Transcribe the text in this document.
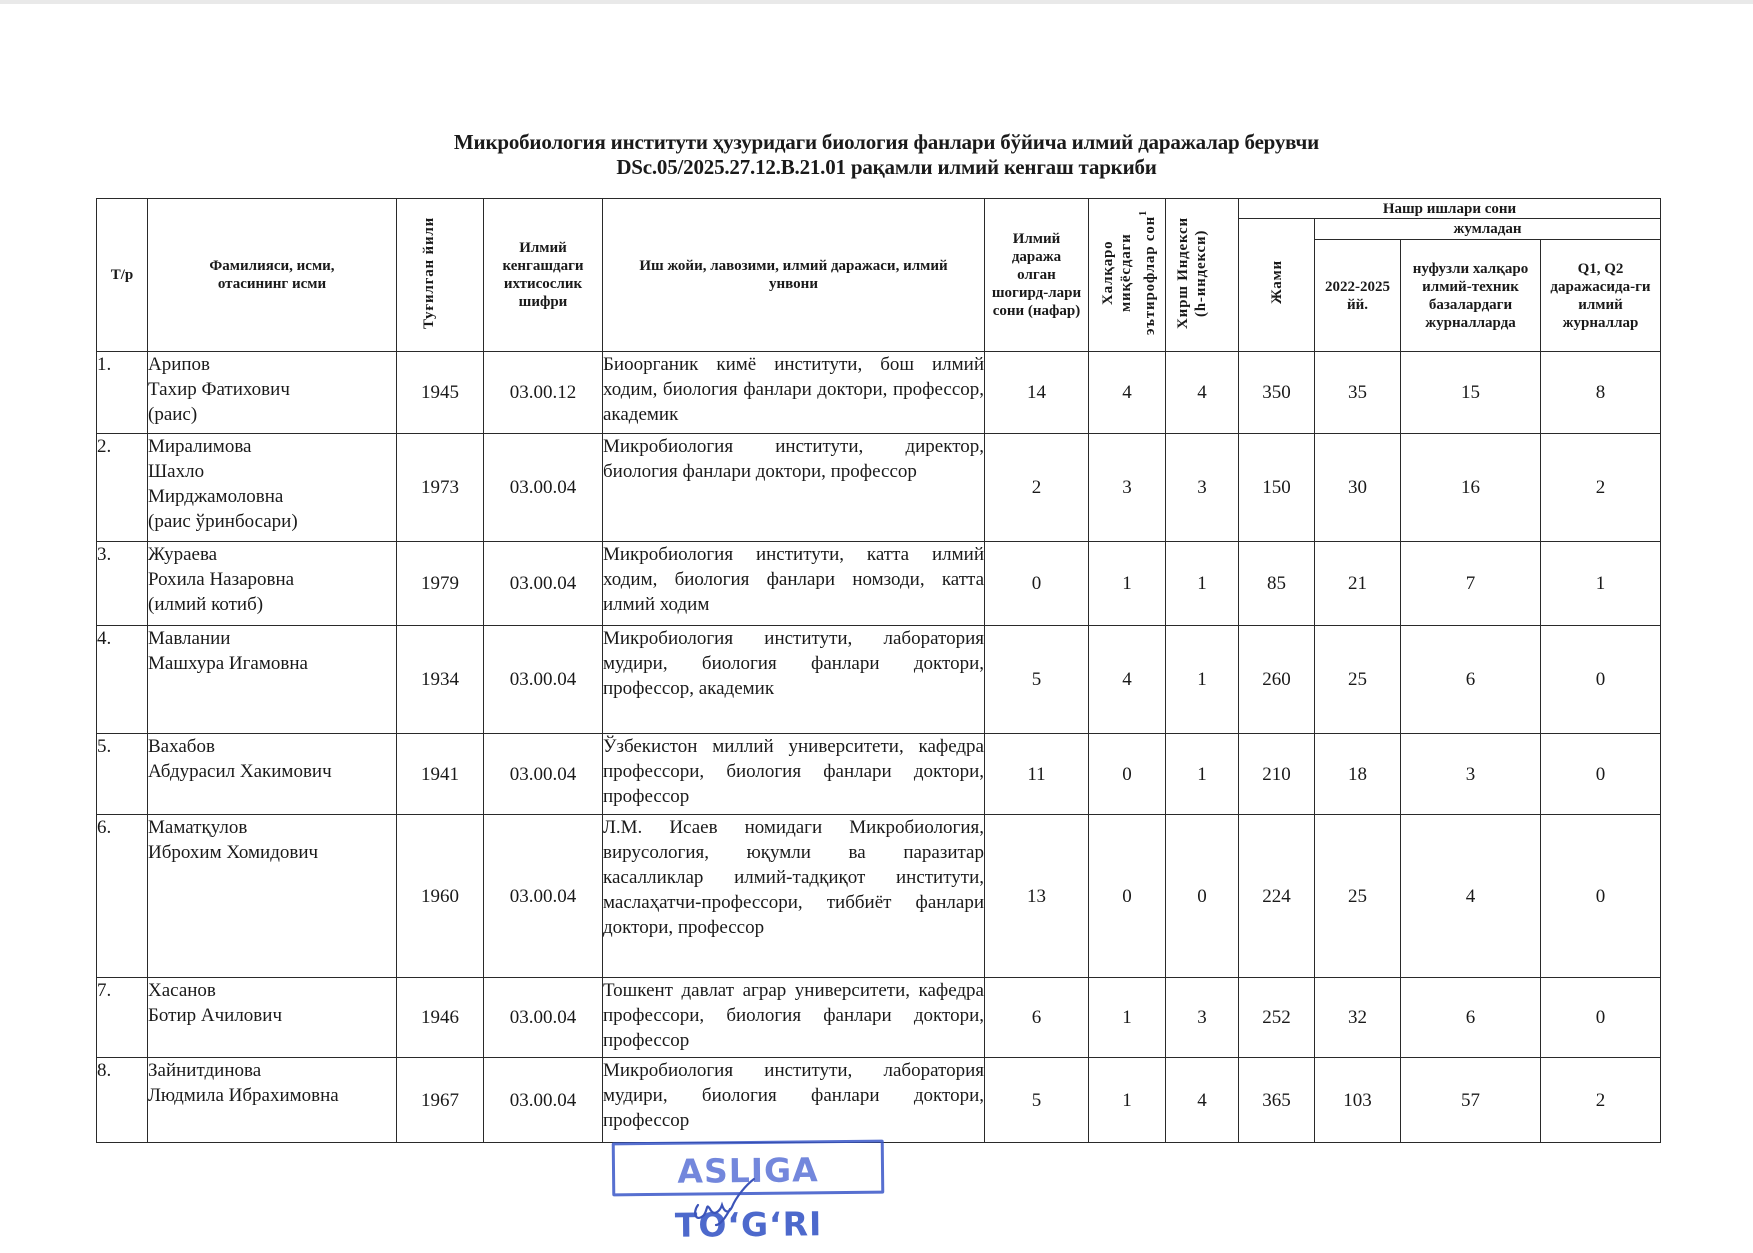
Микробиология институти ҳузуридаги биология фанлари бўйича илмий даражалар берувчи
DSc.05/2025.27.12.B.21.01 рақамли илмий кенгаш таркиби
Т/р	Фамилияси, исми, отасининг исми	Туғилган йили	Илмий кенгашдаги ихтисослик шифри	Иш жойи, лавозими, илмий даражаси, илмий унвони	Илмий даража олган шогирд-лари сони (нафар)	Халқаро миқёсдаги эътирофлар сон$^1$	Хирш Индекси (h-индекси)	Нашр ишлари сони			
								Жами	жумладан		

									2022-2025 йй.	нуфузли халқаро илмий-техник базалардаги журналларда	Q1, Q2 даражасида-ги илмий журналлар

1.	Арипов
Тахир Фатихович
(раис)	1945	03.00.12	Биоорганик кимё институти, бош илмий ходим, биология фанлари доктори, профессор, академик	14	4	4	350	35	15	8
2.	Миралимова
Шахло
Мирджамоловна
(раис ўринбосари)	1973	03.00.04	Микробиология институти, директор, биология фанлари доктори, профессор	2	3	3	150	30	16	2
3.	Жураева
Рохила Назаровна
(илмий котиб)	1979	03.00.04	Микробиология институти, катта илмий ходим, биология фанлари номзоди, катта илмий ходим	0	1	1	85	21	7	1
4.	Мавлании
Машхура Игамовна	1934	03.00.04	Микробиология институти, лаборатория мудири, биология фанлари доктори, профессор, академик	5	4	1	260	25	6	0
5.	Вахабов
Абдурасил Хакимович	1941	03.00.04	Ўзбекистон миллий университети, кафедра профессори, биология фанлари доктори, профессор	11	0	1	210	18	3	0
6.	Маматқулов
Иброхим Хомидович	1960	03.00.04	Л.М. Исаев номидаги Микробиология, вирусология, юқумли ва паразитар касалликлар илмий-тадқиқот институти, маслаҳатчи-профессори, тиббиёт фанлари доктори, профессор	13	0	0	224	25	4	0
7.	Хасанов
Ботир Ачилович	1946	03.00.04	Тошкент давлат аграр университети, кафедра профессори, биология фанлари доктори, профессор	6	1	3	252	32	6	0
8.	Зайнитдинова
Людмила Ибрахимовна	1967	03.00.04	Микробиология институти, лаборатория мудири, биология фанлари доктори, профессор	5	1	4	365	103	57	2
ASLIGA TO‘G‘RI
